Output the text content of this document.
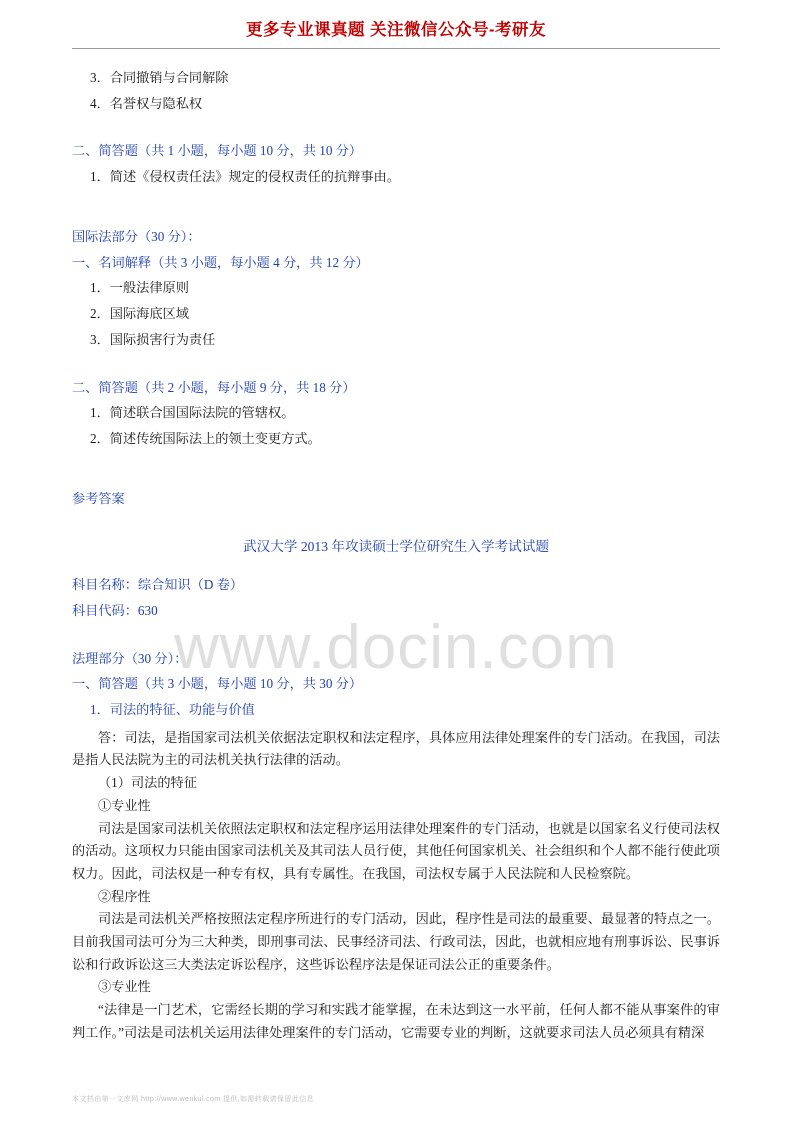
更多专业课真题 关注微信公众号-考研友
www.docin.com

3．合同撤销与合同解除

4．名誉权与隐私权

二、简答题（共 1 小题，每小题 10 分，共 10 分）

1．简述《侵权责任法》规定的侵权责任的抗辩事由。

国际法部分（30 分）：

一、名词解释（共 3 小题，每小题 4 分，共 12 分）

1．一般法律原则

2．国际海底区域

3．国际损害行为责任

二、简答题（共 2 小题，每小题 9 分，共 18 分）

1．简述联合国国际法院的管辖权。

2．简述传统国际法上的领土变更方式。

参考答案

武汉大学 2013 年攻读硕士学位研究生入学考试试题

科目名称：综合知识（D 卷）

科目代码：630

法理部分（30 分）：

一、简答题（共 3 小题，每小题 10 分，共 30 分）

1．司法的特征、功能与价值

答：司法，是指国家司法机关依据法定职权和法定程序，具体应用法律处理案件的专门活动。在我国，司法是指人民法院为主的司法机关执行法律的活动。

（1）司法的特征

①专业性

司法是国家司法机关依照法定职权和法定程序运用法律处理案件的专门活动，也就是以国家名义行使司法权的活动。这项权力只能由国家司法机关及其司法人员行使，其他任何国家机关、社会组织和个人都不能行使此项权力。因此，司法权是一种专有权，具有专属性。在我国，司法权专属于人民法院和人民检察院。

②程序性

司法是司法机关严格按照法定程序所进行的专门活动，因此，程序性是司法的最重要、最显著的特点之一。目前我国司法可分为三大种类，即刑事司法、民事经济司法、行政司法，因此，也就相应地有刑事诉讼、民事诉讼和行政诉讼这三大类法定诉讼程序，这些诉讼程序法是保证司法公正的重要条件。

③专业性

“法律是一门艺术，它需经长期的学习和实践才能掌握，在未达到这一水平前，任何人都不能从事案件的审判工作。”司法是司法机关运用法律处理案件的专门活动，它需要专业的判断，这就要求司法人员必须具有精深

本文档由第一文库网 http://www.wenkul.com 提供,如需转载请保留此信息
